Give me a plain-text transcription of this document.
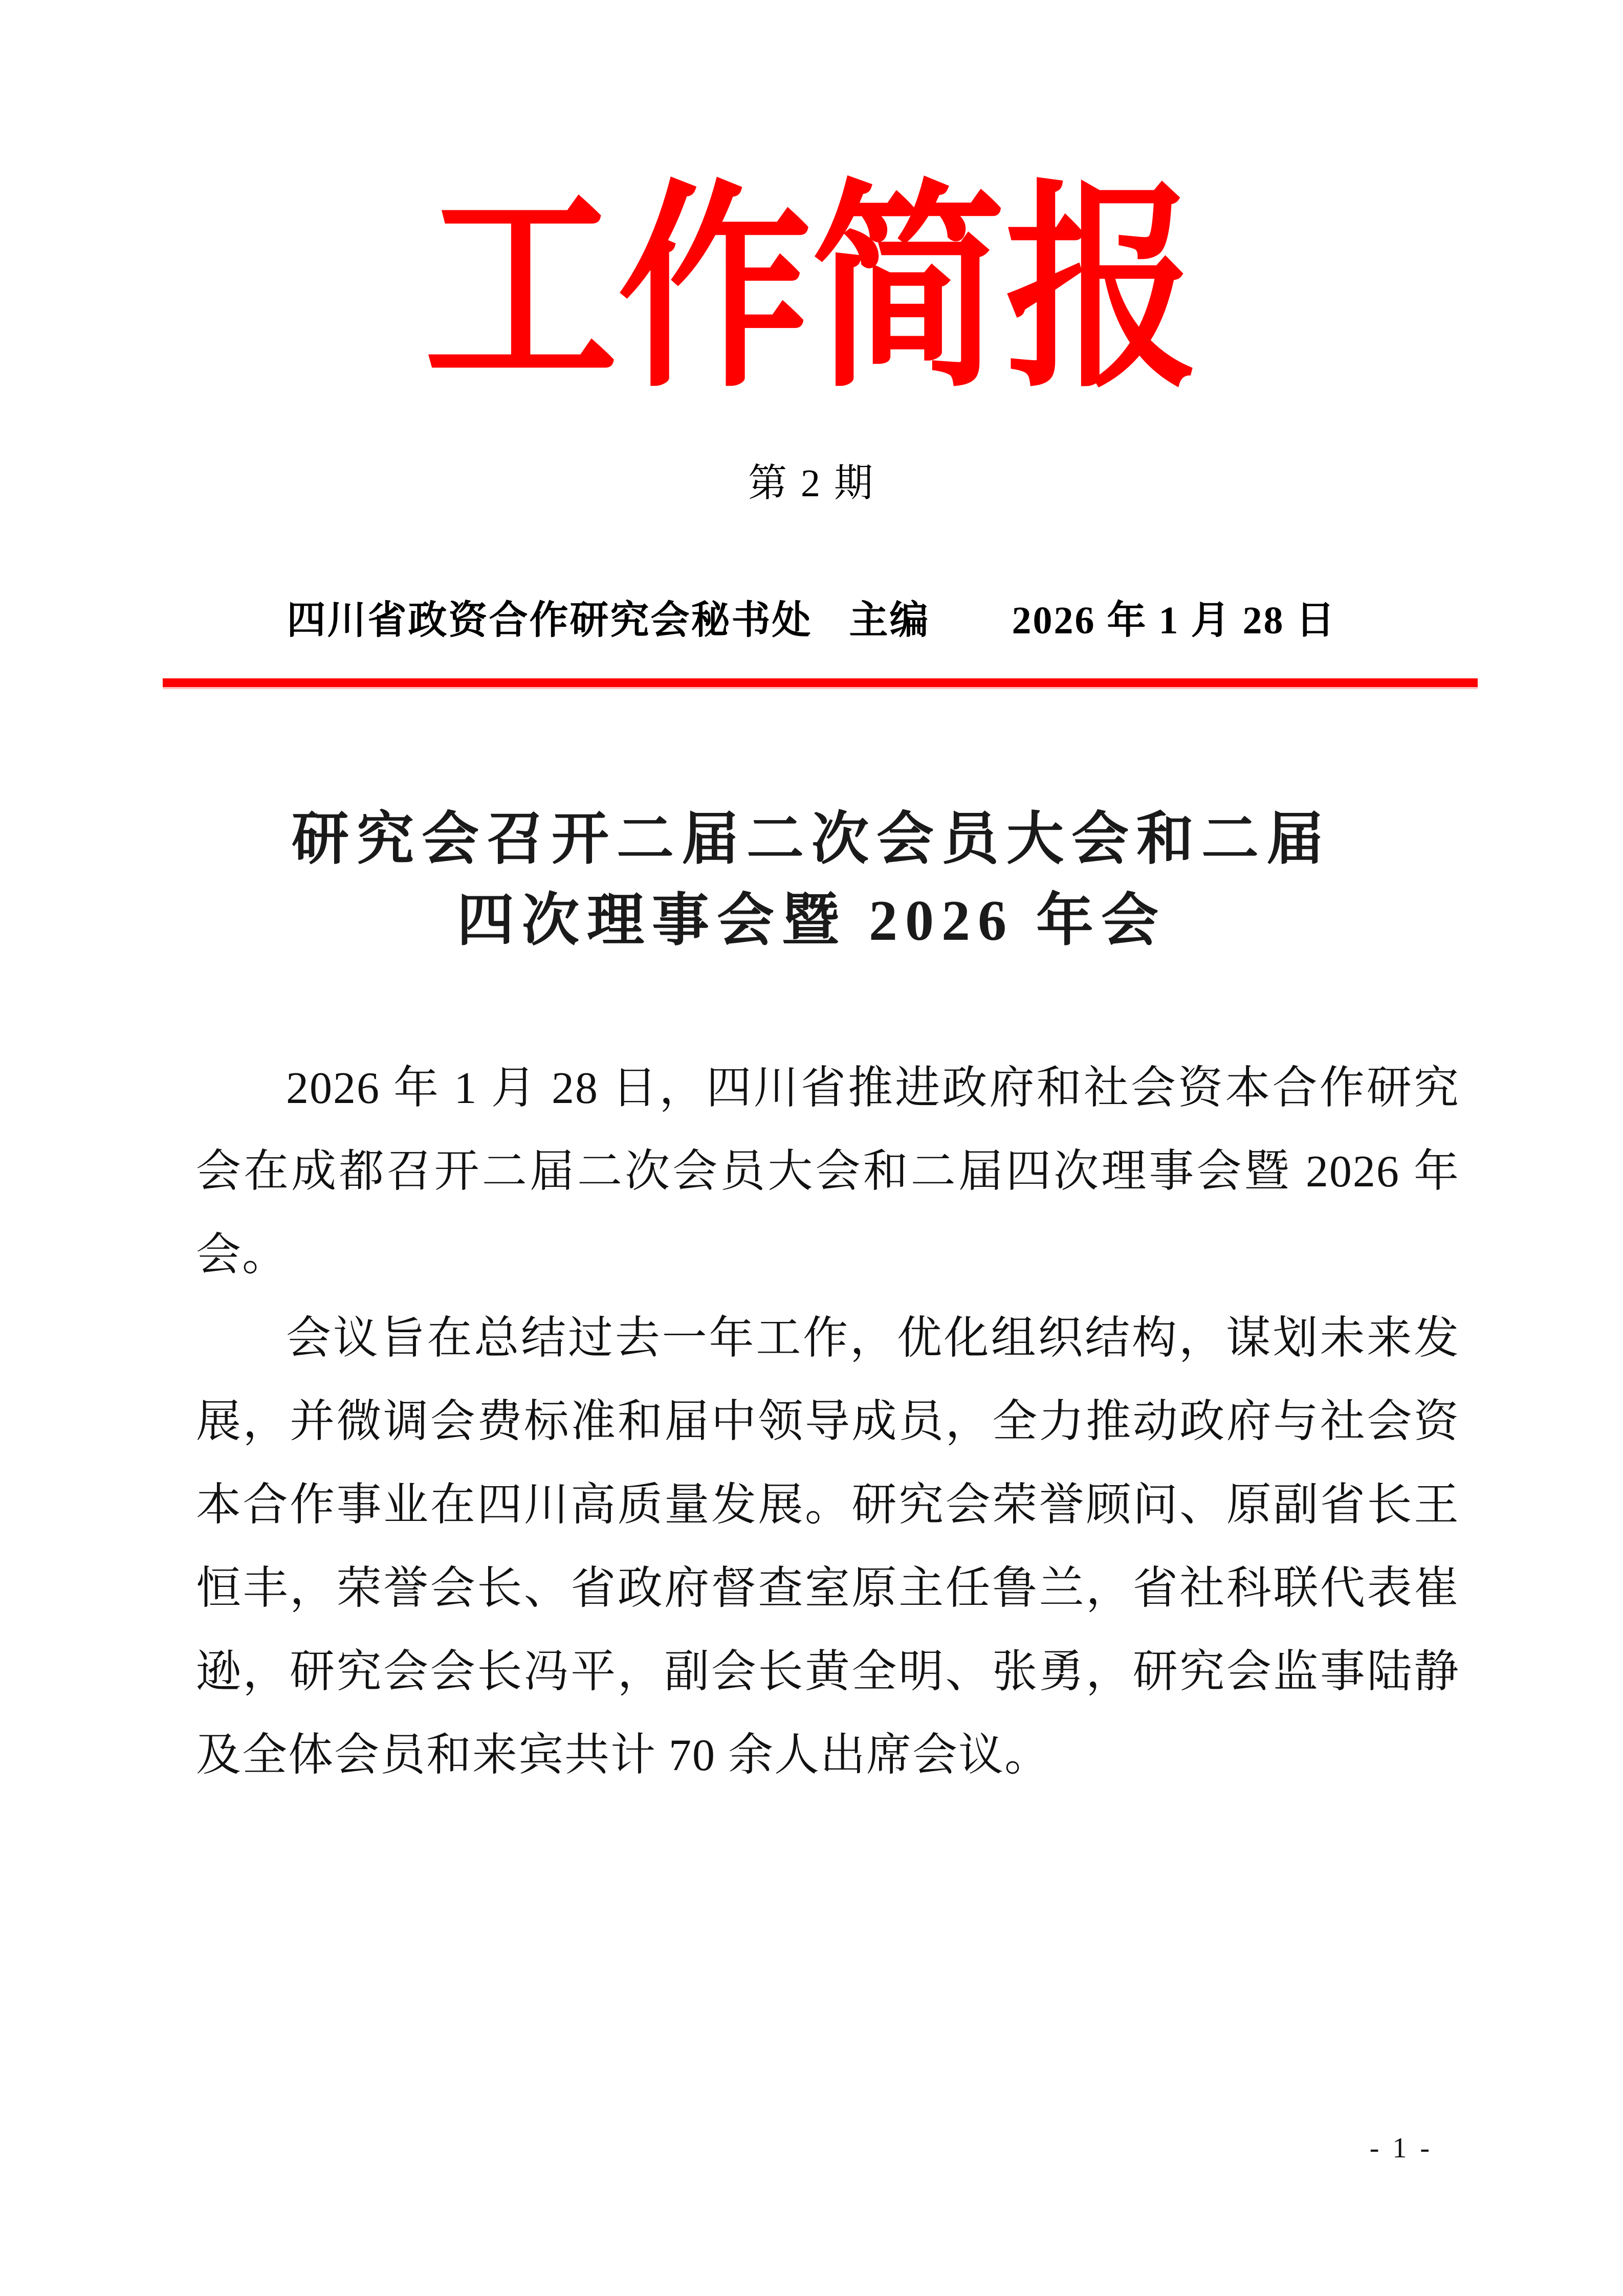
工作简报
第 2 期
四川省政资合作研究会秘书处 主编 2026 年 1 月 28 日
研究会召开二届二次会员大会和二届
四次理事会暨 2026 年会

2026 年 1 月 28 日，四川省推进政府和社会资本合作研究会在成都召开二届二次会员大会和二届四次理事会暨 2026 年会。

会议旨在总结过去一年工作，优化组织结构，谋划未来发展，并微调会费标准和届中领导成员，全力推动政府与社会资本合作事业在四川高质量发展。研究会荣誉顾问、原副省长王恒丰，荣誉会长、省政府督查室原主任鲁兰，省社科联代表崔逊，研究会会长冯平，副会长黄全明、张勇，研究会监事陆静及全体会员和来宾共计 70 余人出席会议。

- 1 -
